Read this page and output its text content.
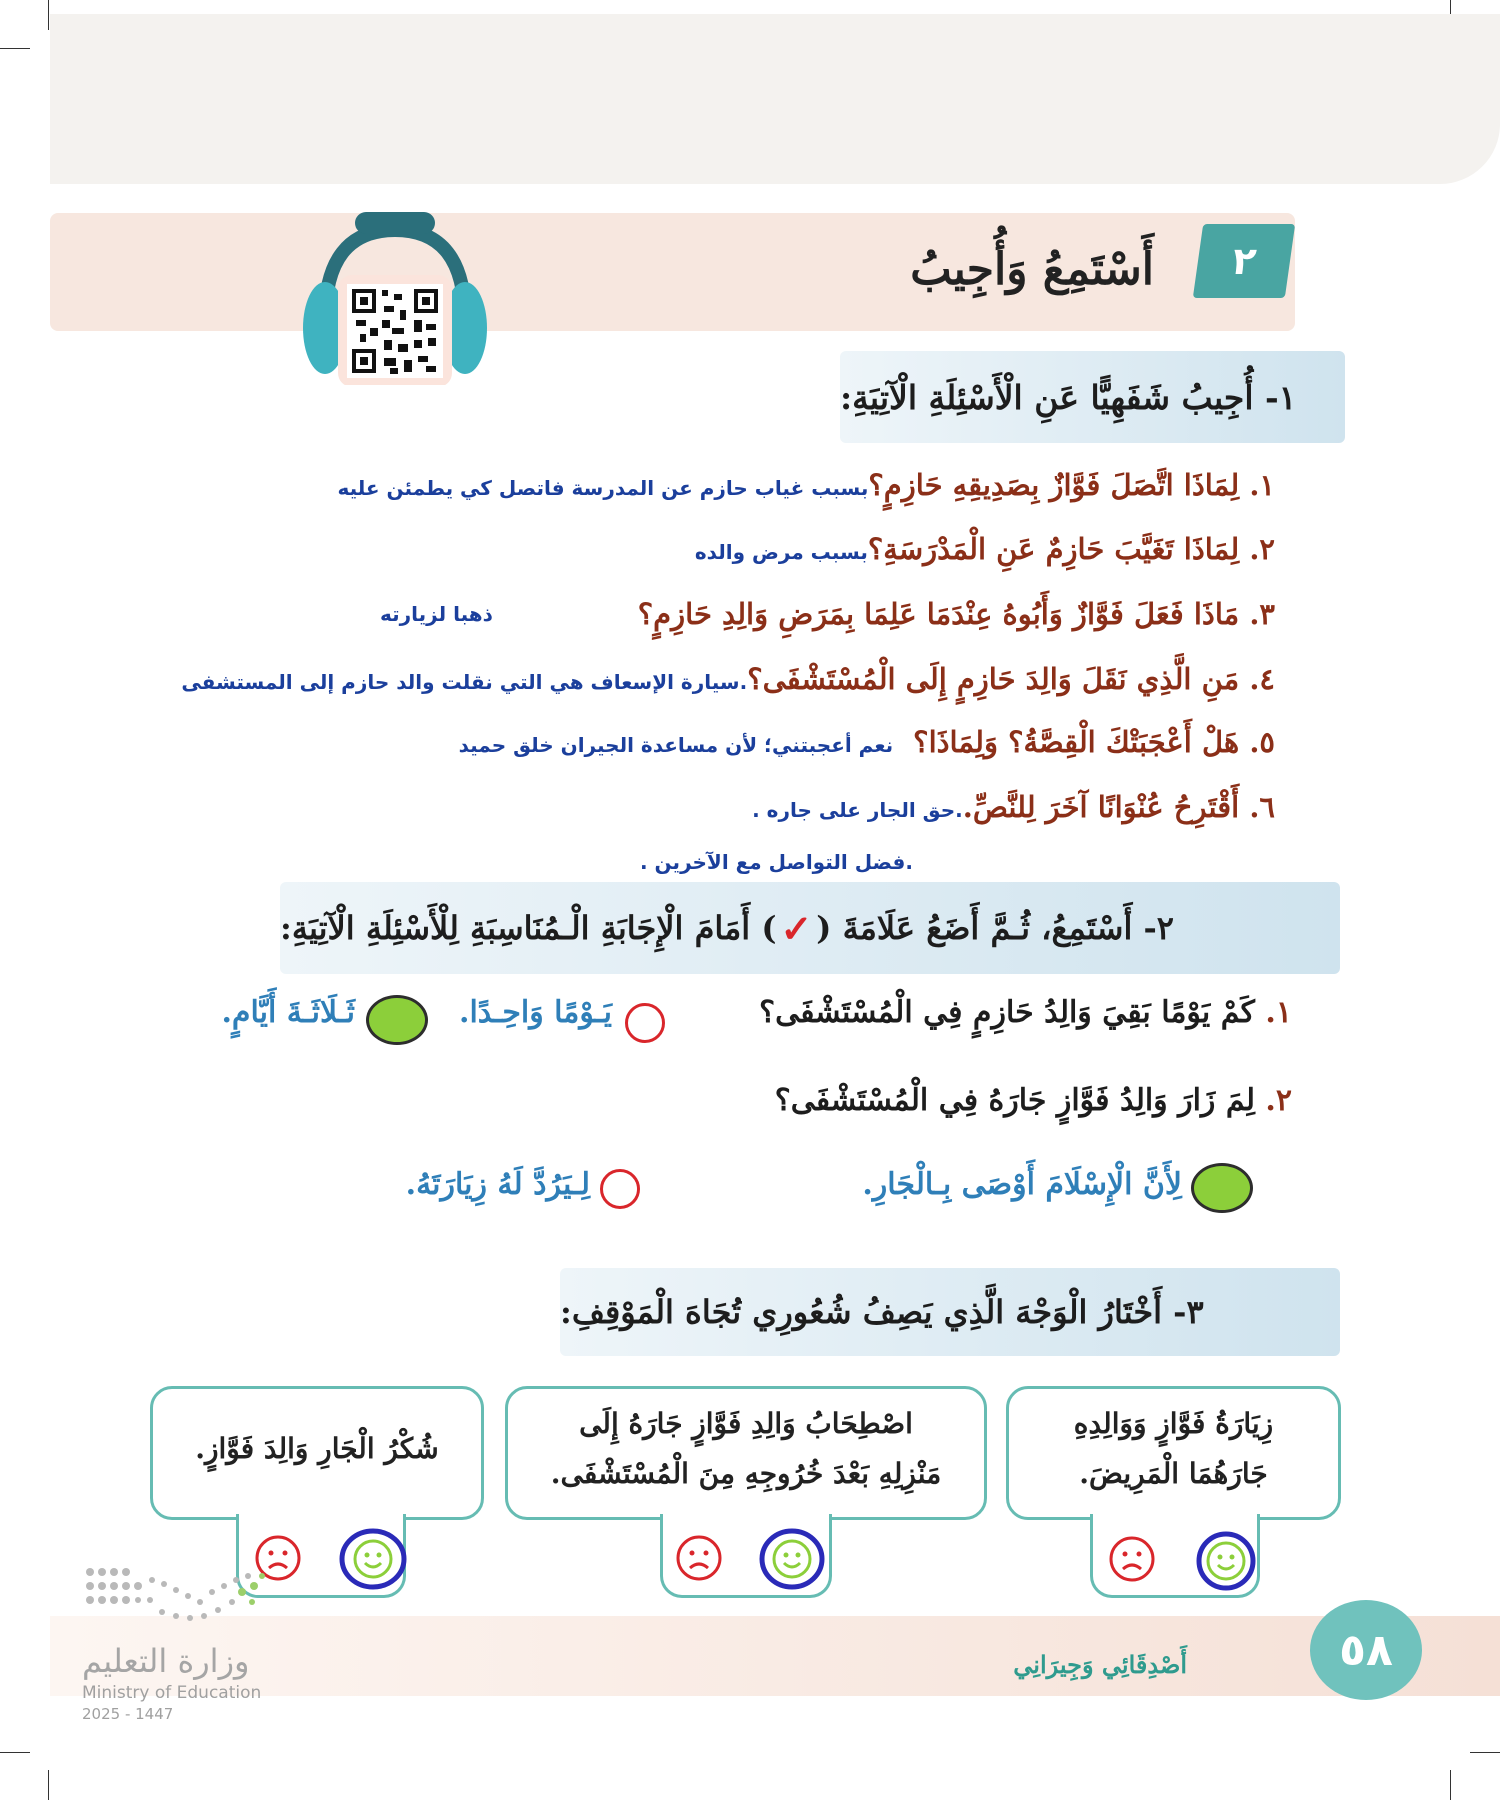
٢
أَسْتَمِعُ وَأُجِيبُ
١- أُجِيبُ شَفَهِيًّا عَنِ الْأَسْئِلَةِ الْآتِيَةِ:
١. لِمَاذَا اتَّصَلَ فَوَّازٌ بِصَدِيقِهِ حَازِمٍ؟بسبب غياب حازم عن المدرسة فاتصل كي يطمئن عليه
٢. لِمَاذَا تَغَيَّبَ حَازِمٌ عَنِ الْمَدْرَسَةِ؟بسبب مرض والده
٣. مَاذَا فَعَلَ فَوَّازٌ وَأَبُوهُ عِنْدَمَا عَلِمَا بِمَرَضِ وَالِدِ حَازِمٍ؟
ذهبا لزيارته
٤. مَنِ الَّذِي نَقَلَ وَالِدَ حَازِمٍ إِلَى الْمُسْتَشْفَى؟.سيارة الإسعاف هي التي نقلت والد حازم إلى المستشفى
٥. هَلْ أَعْجَبَتْكَ الْقِصَّةُ؟ وَلِمَاذَا؟نعم أعجبتني؛ لأن مساعدة الجيران خلق حميد
٦. أَقْتَرِحُ عُنْوَانًا آخَرَ لِلنَّصِّ..حق الجار على جاره .
.فضل التواصل مع الآخرين .
٢- أَسْتَمِعُ، ثُـمَّ أَضَعُ عَلَامَةَ (
✓
) أَمَامَ الْإِجَابَةِ الْـمُنَاسِبَةِ لِلْأَسْئِلَةِ الْآتِيَةِ:
١. كَمْ يَوْمًا بَقِيَ وَالِدُ حَازِمٍ فِي الْمُسْتَشْفَى؟
يَـوْمًا وَاحِـدًا.
ثَـلَاثَـةَ أَيَّامٍ.
٢. لِمَ زَارَ وَالِدُ فَوَّازٍ جَارَهُ فِي الْمُسْتَشْفَى؟
لِأَنَّ الْإِسْلَامَ أَوْصَى بِـالْجَارِ.
لِـيَرُدَّ لَهُ زِيَارَتَهُ.
٣- أَخْتَارُ الْوَجْهَ الَّذِي يَصِفُ شُعُورِي تُجَاهَ الْمَوْقِفِ:
زِيَارَةُ فَوَّازٍ وَوَالِدِهِ
جَارَهُمَا الْمَرِيضَ.
اصْطِحَابُ وَالِدِ فَوَّازٍ جَارَهُ إِلَى
مَنْزِلِهِ بَعْدَ خُرُوجِهِ مِنَ الْمُسْتَشْفَى.
شُكْرُ الْجَارِ وَالِدَ فَوَّازٍ.
٥٨
أَصْدِقَائِي وَجِيرَانِي
وزارة التعليم
Ministry of Education
2025 - 1447
